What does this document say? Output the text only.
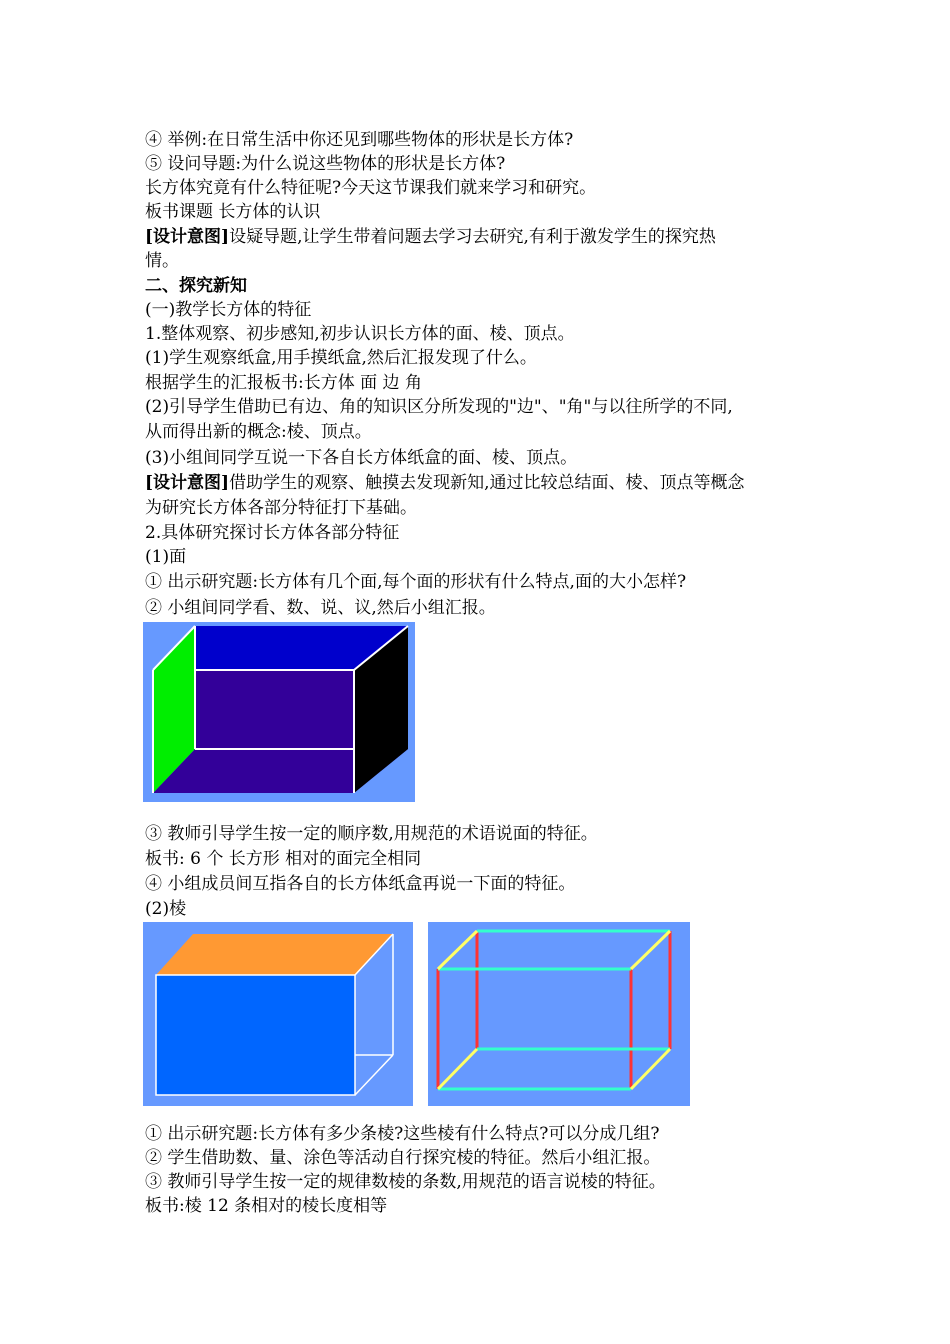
④ 举例:在日常生活中你还见到哪些物体的形状是长方体?
⑤ 设问导题:为什么说这些物体的形状是长方体?
长方体究竟有什么特征呢?今天这节课我们就来学习和研究。
板书课题 长方体的认识
[设计意图]设疑导题,让学生带着问题去学习去研究,有利于激发学生的探究热
情。
二、探究新知
(一)教学长方体的特征
1.整体观察、初步感知,初步认识长方体的面、棱、顶点。
(1)学生观察纸盒,用手摸纸盒,然后汇报发现了什么。
根据学生的汇报板书:长方体 面 边 角
(2)引导学生借助已有边、角的知识区分所发现的"边"、"角"与以往所学的不同,
从而得出新的概念:棱、顶点。
(3)小组间同学互说一下各自长方体纸盒的面、棱、顶点。
[设计意图]借助学生的观察、触摸去发现新知,通过比较总结面、棱、顶点等概念
为研究长方体各部分特征打下基础。
2.具体研究探讨长方体各部分特征
(1)面
① 出示研究题:长方体有几个面,每个面的形状有什么特点,面的大小怎样?
② 小组间同学看、数、说、议,然后小组汇报。
③ 教师引导学生按一定的顺序数,用规范的术语说面的特征。
板书: 6 个 长方形 相对的面完全相同
④ 小组成员间互指各自的长方体纸盒再说一下面的特征。
(2)棱
① 出示研究题:长方体有多少条棱?这些棱有什么特点?可以分成几组?
② 学生借助数、量、涂色等活动自行探究棱的特征。然后小组汇报。
③ 教师引导学生按一定的规律数棱的条数,用规范的语言说棱的特征。
板书:棱 12 条相对的棱长度相等
